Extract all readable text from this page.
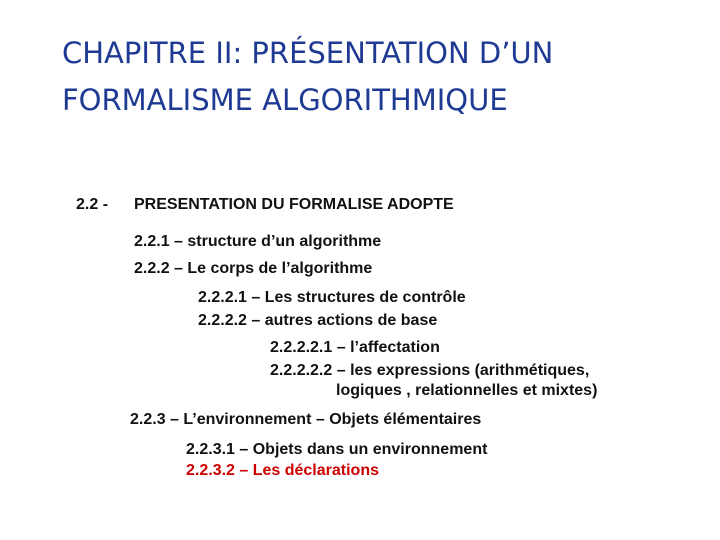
CHAPITRE II: PRÉSENTATION D’UN
FORMALISME ALGORITHMIQUE
2.2 - PRESENTATION DU FORMALISE ADOPTE
2.2.1 – structure d’un algorithme
2.2.2 – Le corps de l’algorithme
2.2.2.1 – Les structures de contrôle
2.2.2.2 – autres actions de base
2.2.2.2.1 – l’affectation
2.2.2.2.2 – les expressions (arithmétiques,
logiques , relationnelles et mixtes)
2.2.3 – L’environnement – Objets élémentaires
2.2.3.1 – Objets dans un environnement
2.2.3.2 – Les déclarations
